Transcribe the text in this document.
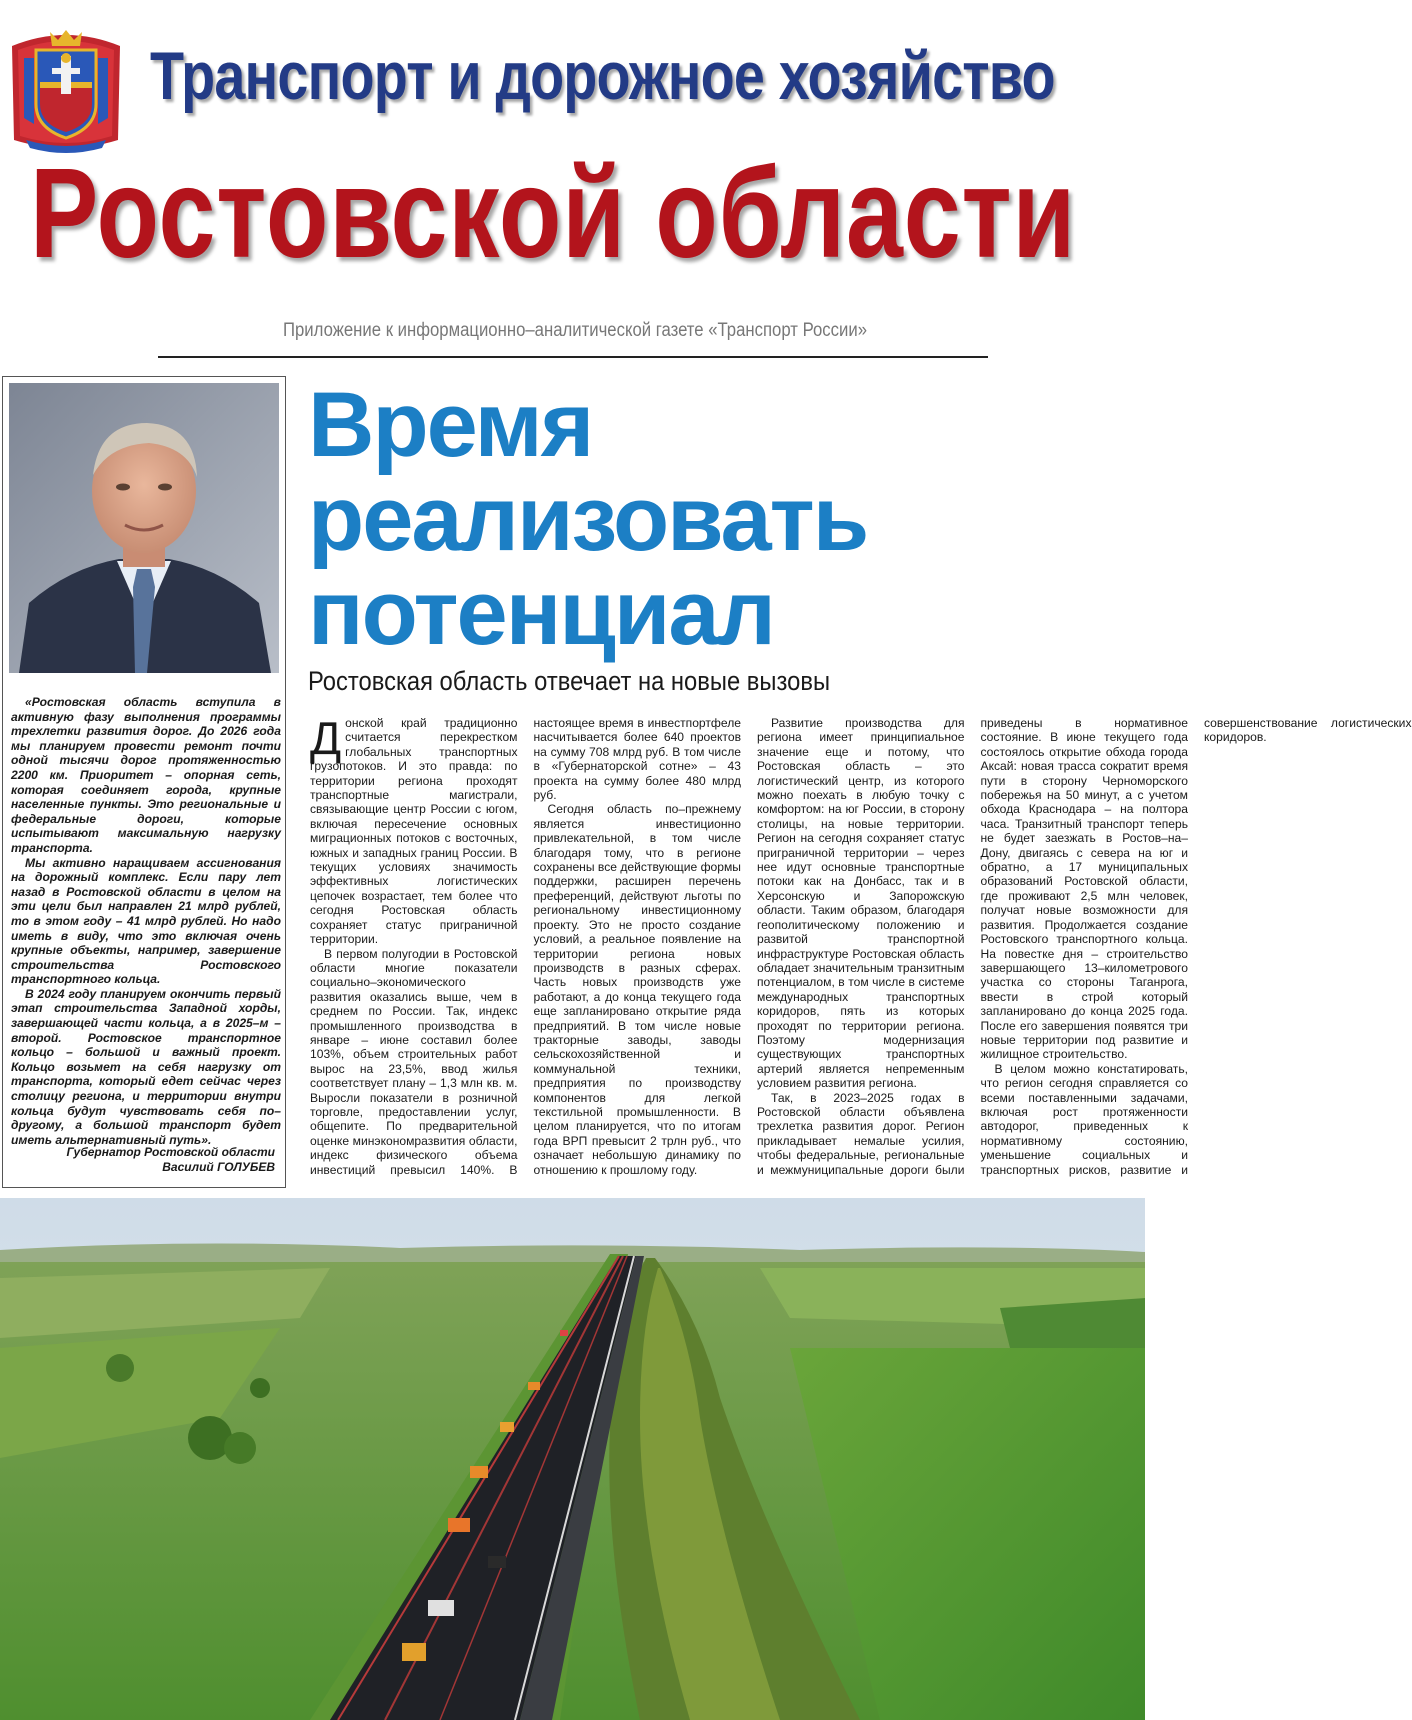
Транспорт и дорожное хозяйство
Ростовской области
Приложение к информационно–аналитической газете «Транспорт России»

«Ростовская область вступила в активную фазу выполнения программы трехлетки развития дорог. До 2026 года мы планируем провести ремонт почти одной тысячи дорог протяженностью 2200 км. Приоритет – опорная сеть, которая соединяет города, крупные населенные пункты. Это региональные и федеральные дороги, которые испытывают максимальную нагрузку транспорта.

Мы активно наращиваем ассигнования на дорожный комплекс. Если пару лет назад в Ростовской области в целом на эти цели был направлен 21 млрд рублей, то в этом году – 41 млрд рублей. Но надо иметь в виду, что это включая очень крупные объекты, например, завершение строительства Ростовского транспортного кольца.

В 2024 году планируем окончить первый этап строительства Западной хорды, завершающей части кольца, а в 2025–м – второй. Ростовское транспортное кольцо – большой и важный проект. Кольцо возьмет на себя нагрузку от транспорта, который едет сейчас через столицу региона, и территории внутри кольца будут чувствовать себя по–другому, а большой транспорт будет иметь альтернативный путь».

Губернатор Ростовской области
Василий ГОЛУБЕВ
Время
реализовать
потенциал
Ростовская область отвечает на новые вызовы

Донской край традиционно считается перекрестком глобальных транспортных грузопотоков. И это правда: по территории региона проходят транспортные магистрали, связывающие центр России с югом, включая пересечение основных миграционных потоков с восточных, южных и западных границ России. В текущих условиях значимость эффективных логистических цепочек возрастает, тем более что сегодня Ростовская область сохраняет статус приграничной территории.

В первом полугодии в Ростовской области многие показатели социально–экономического развития оказались выше, чем в среднем по России. Так, индекс промышленного производства в январе – июне составил более 103%, объем строительных работ вырос на 23,5%, ввод жилья соответствует плану – 1,3 млн кв. м. Выросли показатели в розничной торговле, предоставлении услуг, общепите. По предварительной оценке минэкономразвития области, индекс физического объема инвестиций превысил 140%. В настоящее время в инвестпортфеле насчитывается более 640 проектов на сумму 708 млрд руб. В том числе в «Губернаторской сотне» – 43 проекта на сумму более 480 млрд руб.

Сегодня область по–прежнему является инвестиционно привлекательной, в том числе благодаря тому, что в регионе сохранены все действующие формы поддержки, расширен перечень преференций, действуют льготы по региональному инвестиционному проекту. Это не просто создание условий, а реальное появление на территории региона новых производств в разных сферах. Часть новых производств уже работают, а до конца текущего года еще запланировано открытие ряда предприятий. В том числе новые тракторные заводы, заводы сельскохозяйственной и коммунальной техники, предприятия по производству компонентов для легкой текстильной промышленности. В целом планируется, что по итогам года ВРП превысит 2 трлн руб., что означает небольшую динамику по отношению к прошлому году.

Развитие производства для региона имеет принципиальное значение еще и потому, что Ростовская область – это логистический центр, из которого можно поехать в любую точку с комфортом: на юг России, в сторону столицы, на новые территории. Регион на сегодня сохраняет статус приграничной территории – через нее идут основные транспортные потоки как на Донбасс, так и в Херсонскую и Запорожскую области. Таким образом, благодаря геополитическому положению и развитой транспортной инфраструктуре Ростовская область обладает значительным транзитным потенциалом, в том числе в системе международных транспортных коридоров, пять из которых проходят по территории региона. Поэтому модернизация существующих транспортных артерий является непременным условием развития региона.

Так, в 2023–2025 годах в Ростовской области объявлена трехлетка развития дорог. Регион прикладывает немалые усилия, чтобы федеральные, региональные и межмуниципальные дороги были приведены в нормативное состояние. В июне текущего года состоялось открытие обхода города Аксай: новая трасса сократит время пути в сторону Черноморского побережья на 50 минут, а с учетом обхода Краснодара – на полтора часа. Транзитный транспорт теперь не будет заезжать в Ростов–на–Дону, двигаясь с севера на юг и обратно, а 17 муниципальных образований Ростовской области, где проживают 2,5 млн человек, получат новые возможности для развития. Продолжается создание Ростовского транспортного кольца. На повестке дня – строительство завершающего 13–километрового участка со стороны Таганрога, ввести в строй который запланировано до конца 2025 года. После его завершения появятся три новые территории под развитие и жилищное строительство.

В целом можно констатировать, что регион сегодня справляется со всеми поставленными задачами, включая рост протяженности автодорог, приведенных к нормативному состоянию, уменьшение социальных и транспортных рисков, развитие и совершенствование логистических коридоров.
